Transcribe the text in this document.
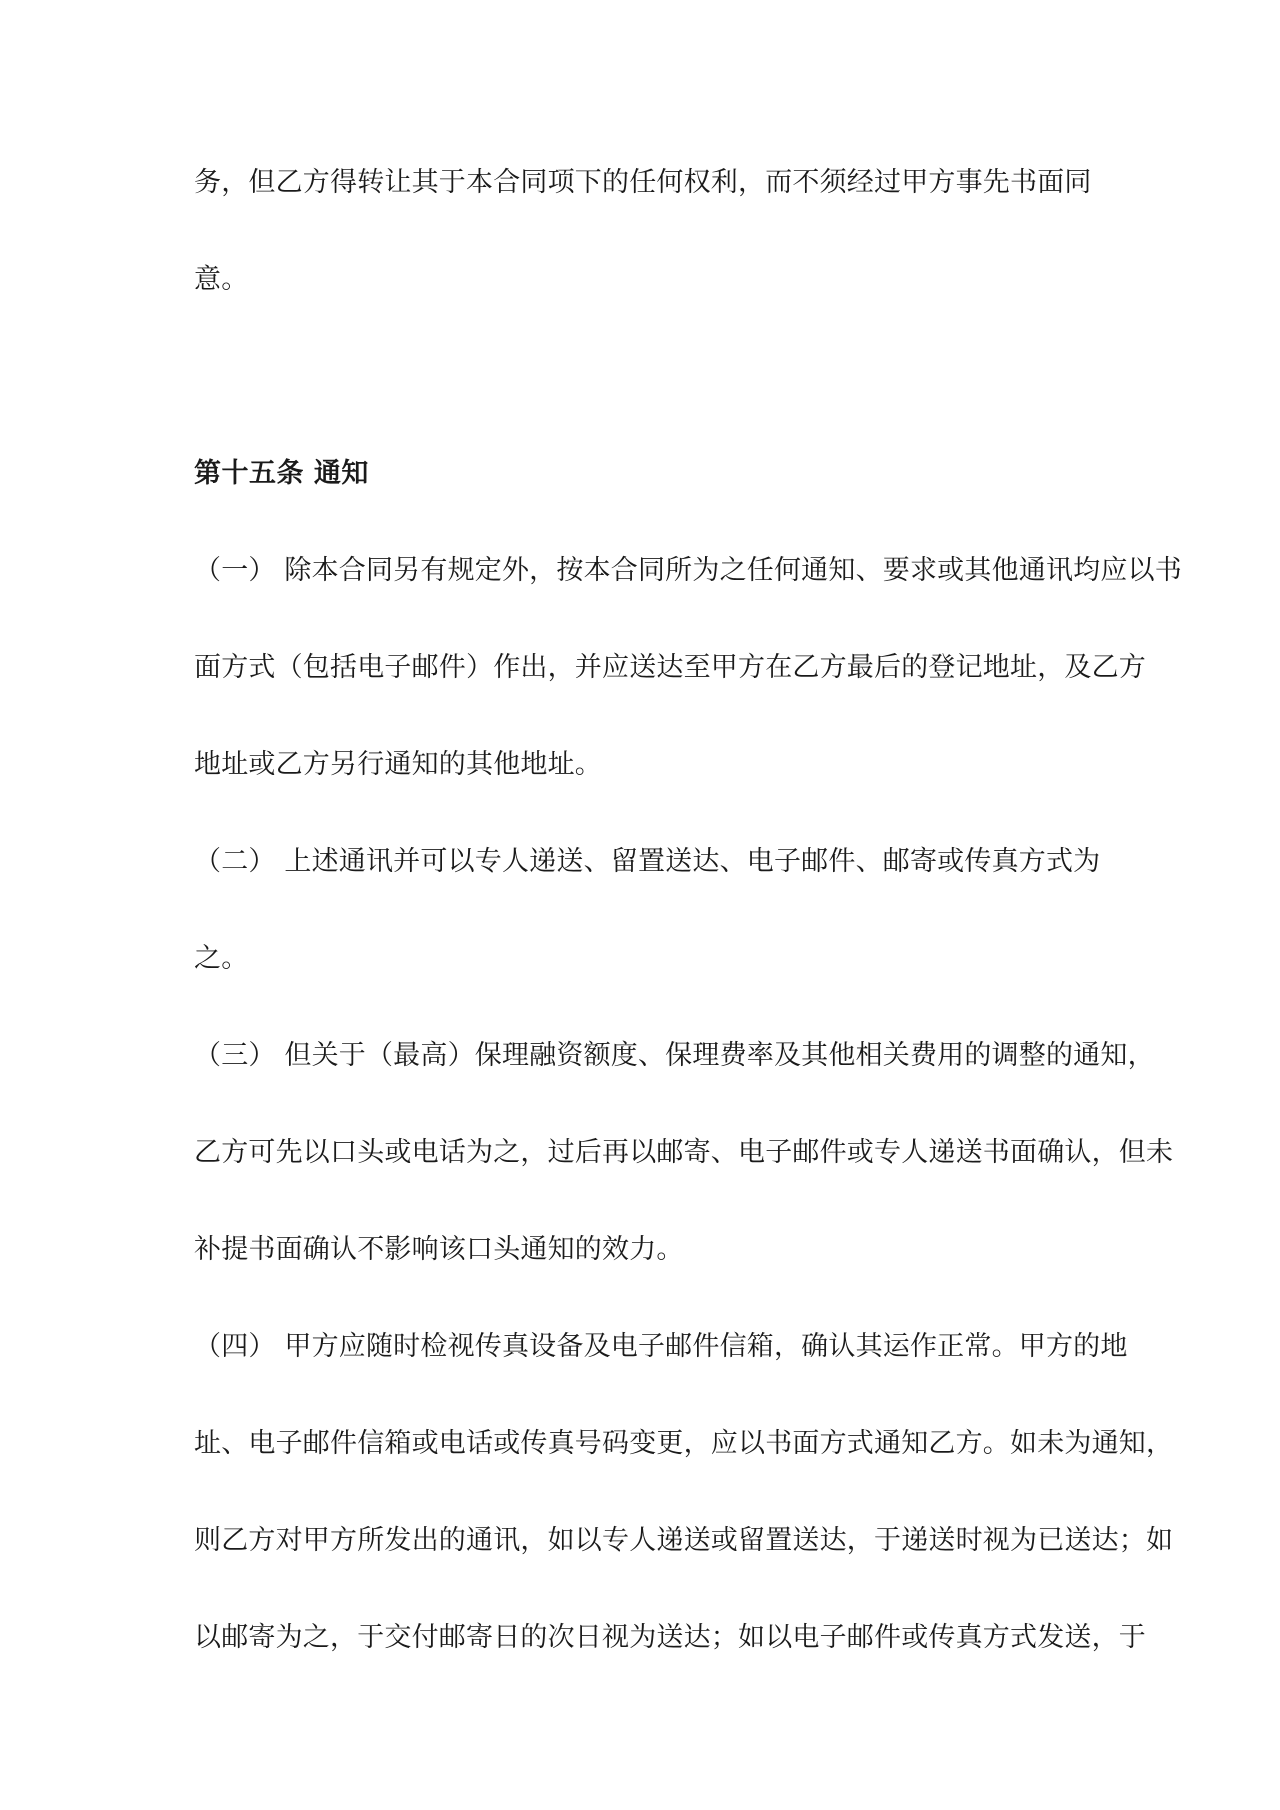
务，但乙方得转让其于本合同项下的任何权利，而不须经过甲方事先书面同
意。
第十五条 通知
（一） 除本合同另有规定外，按本合同所为之任何通知、要求或其他通讯均应以书
面方式（包括电子邮件）作出，并应送达至甲方在乙方最后的登记地址，及乙方
地址或乙方另行通知的其他地址。
（二） 上述通讯并可以专人递送、留置送达、电子邮件、邮寄或传真方式为
之。
（三） 但关于（最高）保理融资额度、保理费率及其他相关费用的调整的通知，
乙方可先以口头或电话为之，过后再以邮寄、电子邮件或专人递送书面确认，但未
补提书面确认不影响该口头通知的效力。
（四） 甲方应随时检视传真设备及电子邮件信箱，确认其运作正常。甲方的地
址、电子邮件信箱或电话或传真号码变更，应以书面方式通知乙方。如未为通知，
则乙方对甲方所发出的通讯，如以专人递送或留置送达，于递送时视为已送达；如
以邮寄为之，于交付邮寄日的次日视为送达；如以电子邮件或传真方式发送，于
